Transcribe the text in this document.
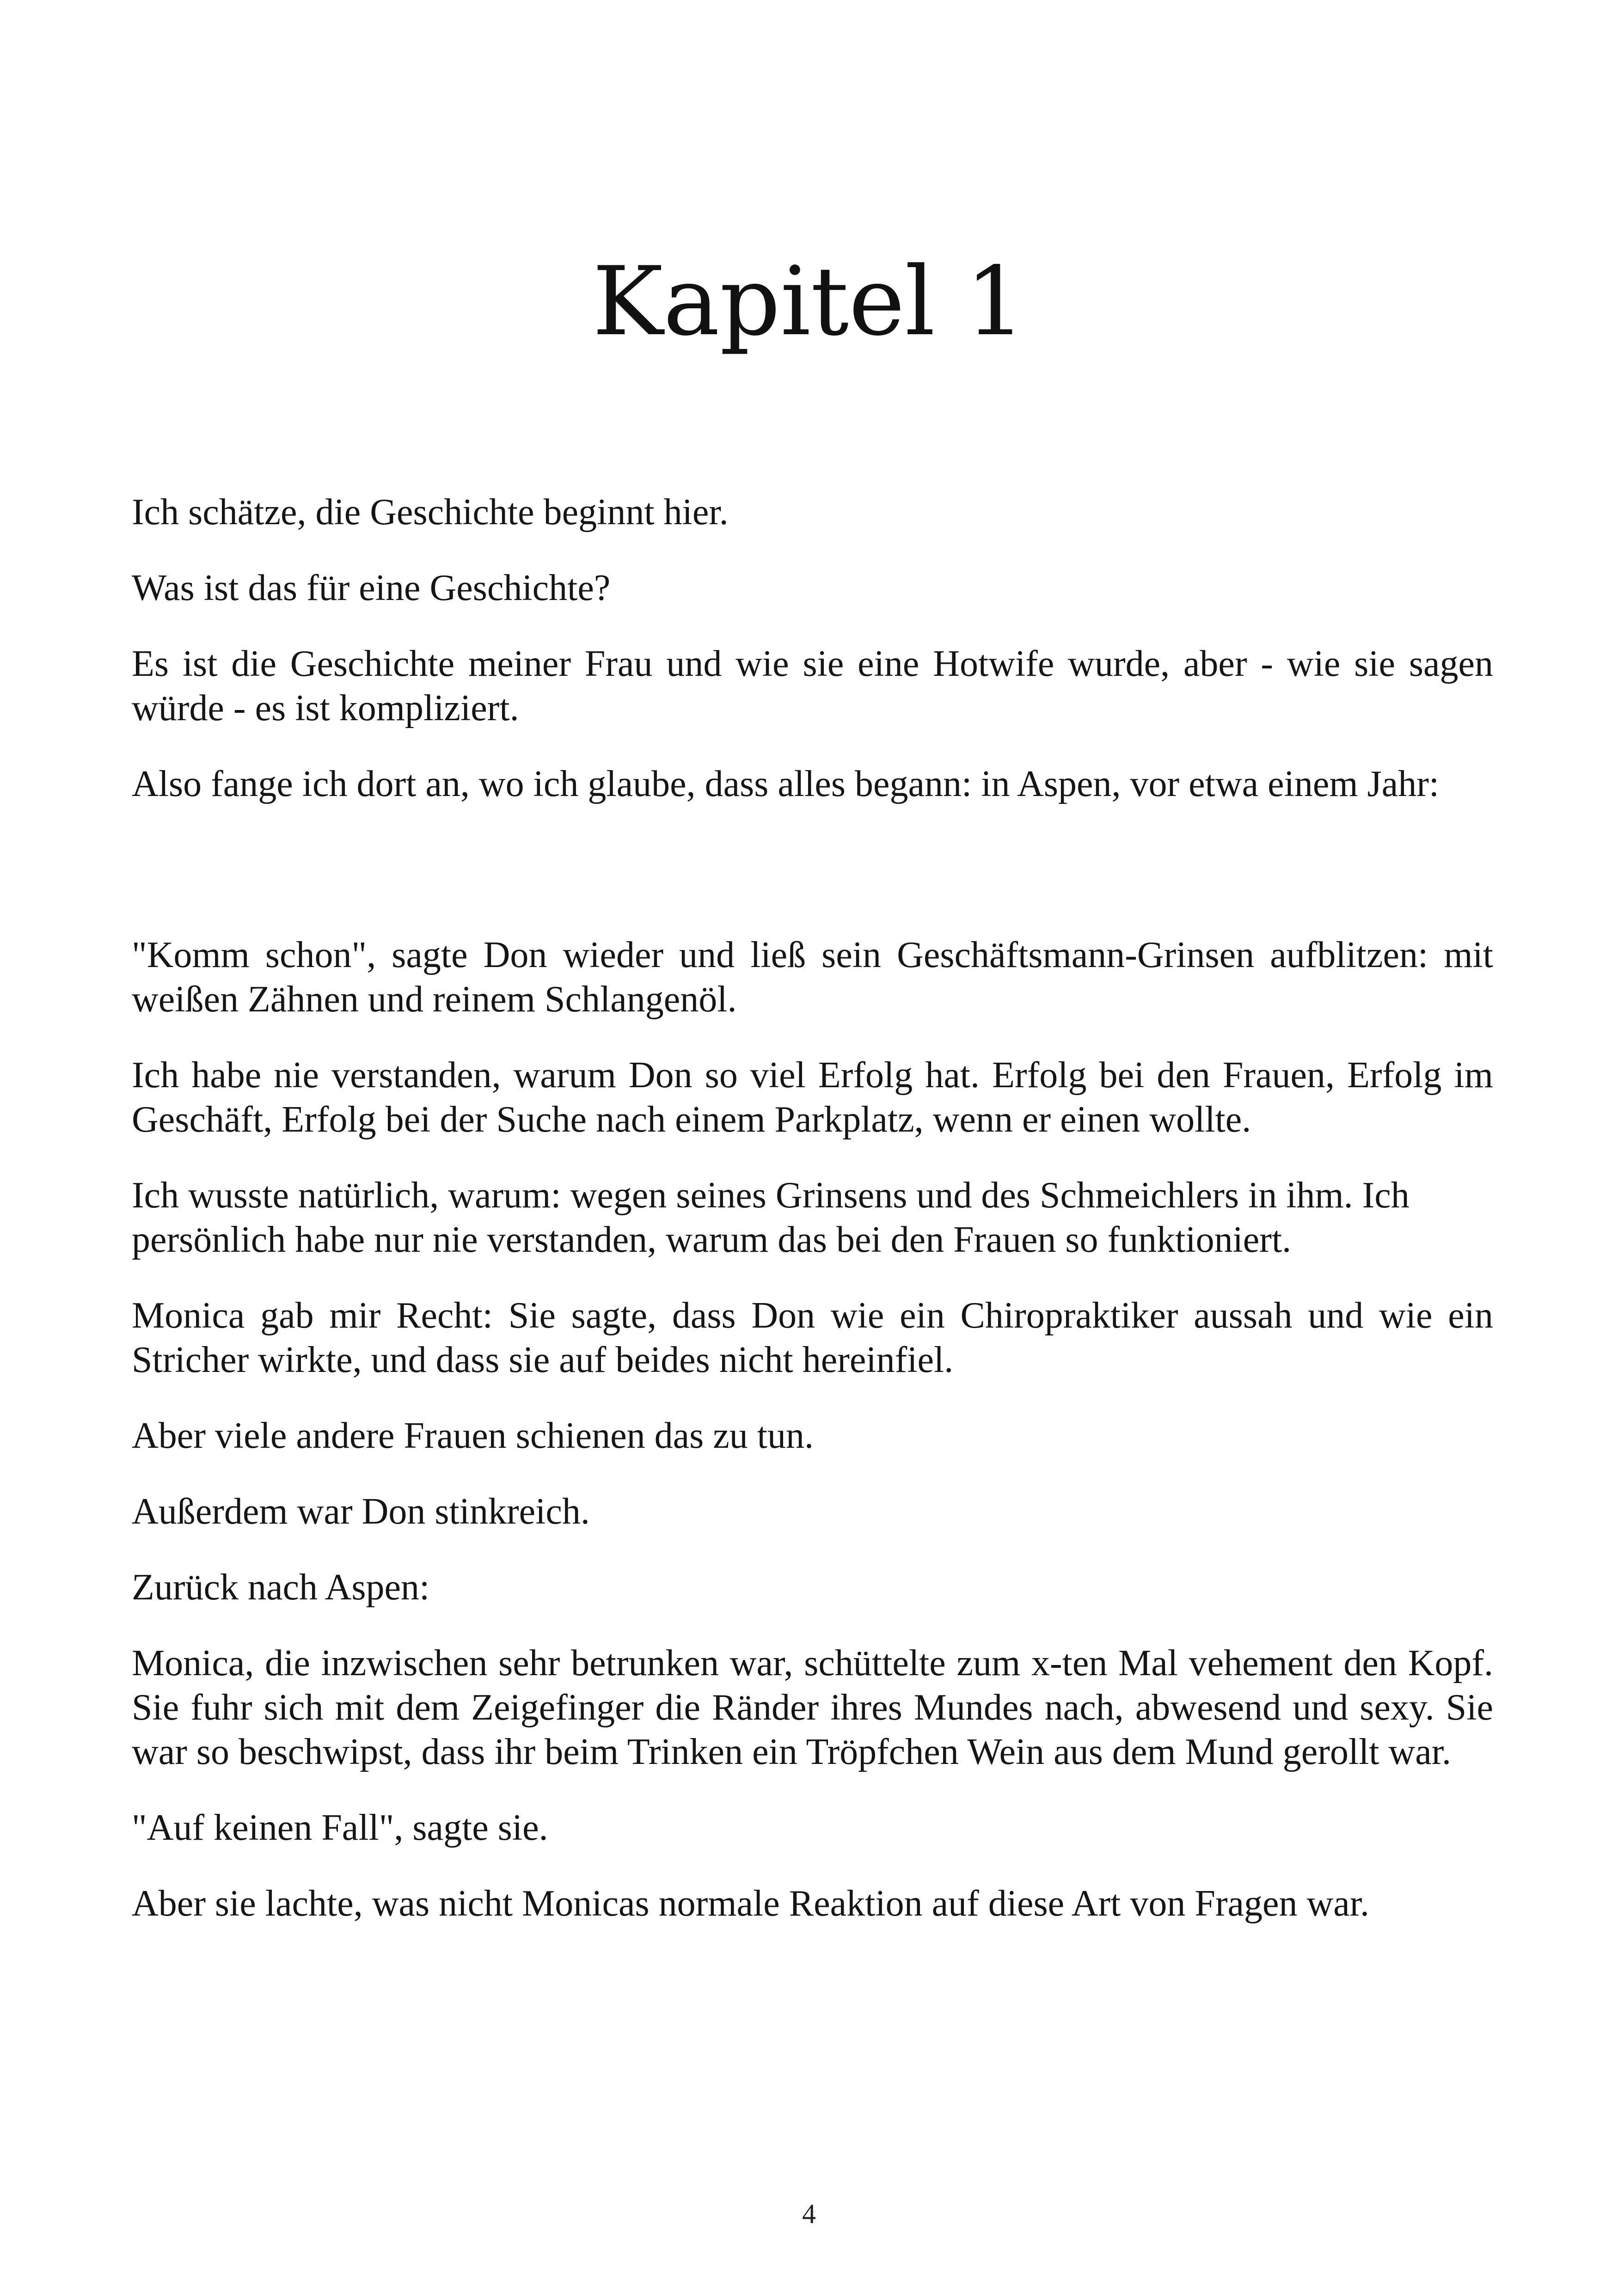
Kapitel 1

Ich schätze, die Geschichte beginnt hier.

Was ist das für eine Geschichte?

Es ist die Geschichte meiner Frau und wie sie eine Hotwife wurde, aber - wie sie sagen würde - es ist kompliziert.

Also fange ich dort an, wo ich glaube, dass alles begann: in Aspen, vor etwa einem Jahr:

"Komm schon", sagte Don wieder und ließ sein Geschäftsmann-Grinsen aufblitzen: mit weißen Zähnen und reinem Schlangenöl.

Ich habe nie verstanden, warum Don so viel Erfolg hat. Erfolg bei den Frauen, Erfolg im Geschäft, Erfolg bei der Suche nach einem Parkplatz, wenn er einen wollte.

Ich wusste natürlich, warum: wegen seines Grinsens und des Schmeichlers in ihm. Ich persönlich habe nur nie verstanden, warum das bei den Frauen so funktioniert.

Monica gab mir Recht: Sie sagte, dass Don wie ein Chiropraktiker aussah und wie ein Stricher wirkte, und dass sie auf beides nicht hereinfiel.

Aber viele andere Frauen schienen das zu tun.

Außerdem war Don stinkreich.

Zurück nach Aspen:

Monica, die inzwischen sehr betrunken war, schüttelte zum x-ten Mal vehement den Kopf. Sie fuhr sich mit dem Zeigefinger die Ränder ihres Mundes nach, abwesend und sexy. Sie war so beschwipst, dass ihr beim Trinken ein Tröpfchen Wein aus dem Mund gerollt war.

"Auf keinen Fall", sagte sie.

Aber sie lachte, was nicht Monicas normale Reaktion auf diese Art von Fragen war.

4
